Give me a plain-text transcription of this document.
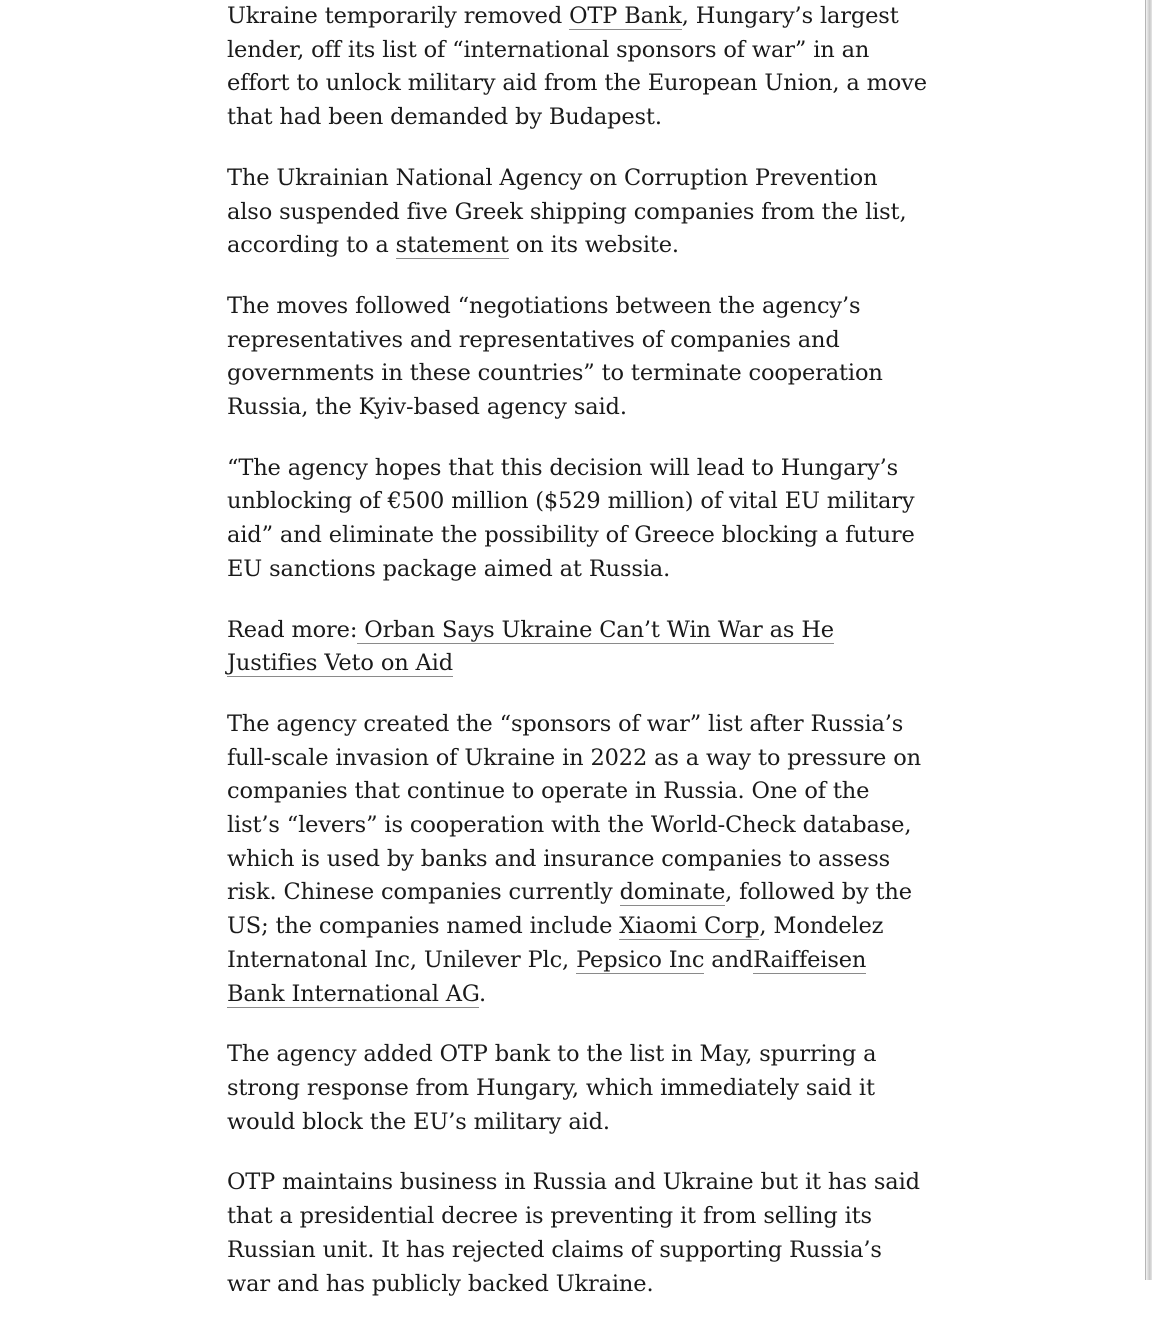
Ukraine temporarily removed OTP Bank, Hungary’s largest lender, off its list of “international sponsors of war” in an effort to unlock military aid from the European Union, a move that had been demanded by Budapest.

The Ukrainian National Agency on Corruption Prevention also suspended five Greek shipping companies from the list, according to a statement on its website.

The moves followed “negotiations between the agency’s representatives and representatives of companies and governments in these countries” to terminate cooperation Russia, the Kyiv-based agency said.

“The agency hopes that this decision will lead to Hungary’s unblocking of €500 million ($529 million) of vital EU military aid” and eliminate the possibility of Greece blocking a future EU sanctions package aimed at Russia.

Read more: Orban Says Ukraine Can’t Win War as He Justifies Veto on Aid

The agency created the “sponsors of war” list after Russia’s full-scale invasion of Ukraine in 2022 as a way to pressure on companies that continue to operate in Russia. One of the list’s “levers” is cooperation with the World-Check database, which is used by banks and insurance companies to assess risk. Chinese companies currently dominate, followed by the US; the companies named include Xiaomi Corp, Mondelez Internatonal Inc, Unilever Plc, Pepsico Inc andRaiffeisen Bank International AG.

The agency added OTP bank to the list in May, spurring a strong response from Hungary, which immediately said it would block the EU’s military aid.

OTP maintains business in Russia and Ukraine but it has said that a presidential decree is preventing it from selling its Russian unit. It has rejected claims of supporting Russia’s war and has publicly backed Ukraine.
